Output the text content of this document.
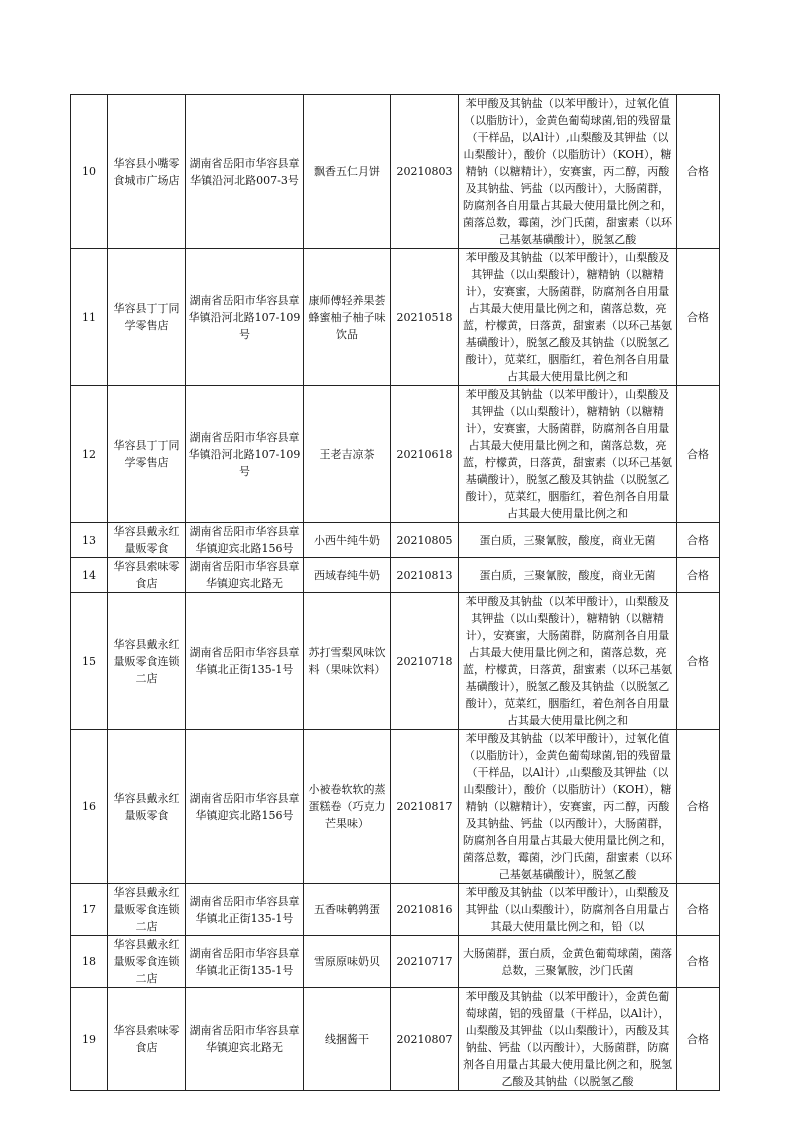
10	华容县小嘴零食城市广场店	湖南省岳阳市华容县章华镇沿河北路007-3号	飘香五仁月饼	20210803	苯甲酸及其钠盐（以苯甲酸计），过氧化值（以脂肪计），金黄色葡萄球菌,铝的残留量（干样品，以Al计）,山梨酸及其钾盐（以山梨酸计），酸价（以脂肪计）（KOH），糖精钠（以糖精计），安赛蜜，丙二醇，丙酸及其钠盐、钙盐（以丙酸计），大肠菌群，防腐剂各自用量占其最大使用量比例之和，菌落总数，霉菌，沙门氏菌，甜蜜素（以环己基氨基磺酸计），脱氢乙酸	合格
11	华容县丁丁同学零售店	湖南省岳阳市华容县章华镇沿河北路107-109号	康师傅轻养果荟蜂蜜柚子柚子味饮品	20210518	苯甲酸及其钠盐（以苯甲酸计），山梨酸及其钾盐（以山梨酸计），糖精钠（以糖精计），安赛蜜，大肠菌群，防腐剂各自用量占其最大使用量比例之和，菌落总数，亮蓝，柠檬黄，日落黄，甜蜜素（以环己基氨基磺酸计），脱氢乙酸及其钠盐（以脱氢乙酸计），苋菜红，胭脂红，着色剂各自用量占其最大使用量比例之和	合格
12	华容县丁丁同学零售店	湖南省岳阳市华容县章华镇沿河北路107-109号	王老吉凉茶	20210618	苯甲酸及其钠盐（以苯甲酸计），山梨酸及其钾盐（以山梨酸计），糖精钠（以糖精计），安赛蜜，大肠菌群，防腐剂各自用量占其最大使用量比例之和，菌落总数，亮蓝，柠檬黄，日落黄，甜蜜素（以环己基氨基磺酸计），脱氢乙酸及其钠盐（以脱氢乙酸计），苋菜红，胭脂红，着色剂各自用量占其最大使用量比例之和	合格
13	华容县戴永红量贩零食	湖南省岳阳市华容县章华镇迎宾北路156号	小西牛纯牛奶	20210805	蛋白质，三聚氰胺，酸度，商业无菌	合格
14	华容县索味零食店	湖南省岳阳市华容县章华镇迎宾北路无	西域春纯牛奶	20210813	蛋白质，三聚氰胺，酸度，商业无菌	合格
15	华容县戴永红量贩零食连锁二店	湖南省岳阳市华容县章华镇北正街135-1号	苏打雪梨风味饮料（果味饮料）	20210718	苯甲酸及其钠盐（以苯甲酸计），山梨酸及其钾盐（以山梨酸计），糖精钠（以糖精计），安赛蜜，大肠菌群，防腐剂各自用量占其最大使用量比例之和，菌落总数，亮蓝，柠檬黄，日落黄，甜蜜素（以环己基氨基磺酸计），脱氢乙酸及其钠盐（以脱氢乙酸计），苋菜红，胭脂红，着色剂各自用量占其最大使用量比例之和	合格
16	华容县戴永红量贩零食	湖南省岳阳市华容县章华镇迎宾北路156号	小被卷软软的蒸蛋糕卷（巧克力芒果味）	20210817	苯甲酸及其钠盐（以苯甲酸计），过氧化值（以脂肪计），金黄色葡萄球菌,铝的残留量（干样品，以Al计）,山梨酸及其钾盐（以山梨酸计），酸价（以脂肪计）（KOH），糖精钠（以糖精计），安赛蜜，丙二醇，丙酸及其钠盐、钙盐（以丙酸计），大肠菌群，防腐剂各自用量占其最大使用量比例之和，菌落总数，霉菌，沙门氏菌，甜蜜素（以环己基氨基磺酸计），脱氢乙酸	合格
17	华容县戴永红量贩零食连锁二店	湖南省岳阳市华容县章华镇北正街135-1号	五香味鹌鹑蛋	20210816	苯甲酸及其钠盐（以苯甲酸计），山梨酸及其钾盐（以山梨酸计），防腐剂各自用量占其最大使用量比例之和，铅（以	合格
18	华容县戴永红量贩零食连锁二店	湖南省岳阳市华容县章华镇北正街135-1号	雪原原味奶贝	20210717	大肠菌群，蛋白质，金黄色葡萄球菌，菌落总数，三聚氰胺，沙门氏菌	合格
19	华容县索味零食店	湖南省岳阳市华容县章华镇迎宾北路无	线捆酱干	20210807	苯甲酸及其钠盐（以苯甲酸计），金黄色葡萄球菌，铝的残留量（干样品，以Al计），山梨酸及其钾盐（以山梨酸计），丙酸及其钠盐、钙盐（以丙酸计），大肠菌群，防腐剂各自用量占其最大使用量比例之和，脱氢乙酸及其钠盐（以脱氢乙酸	合格
